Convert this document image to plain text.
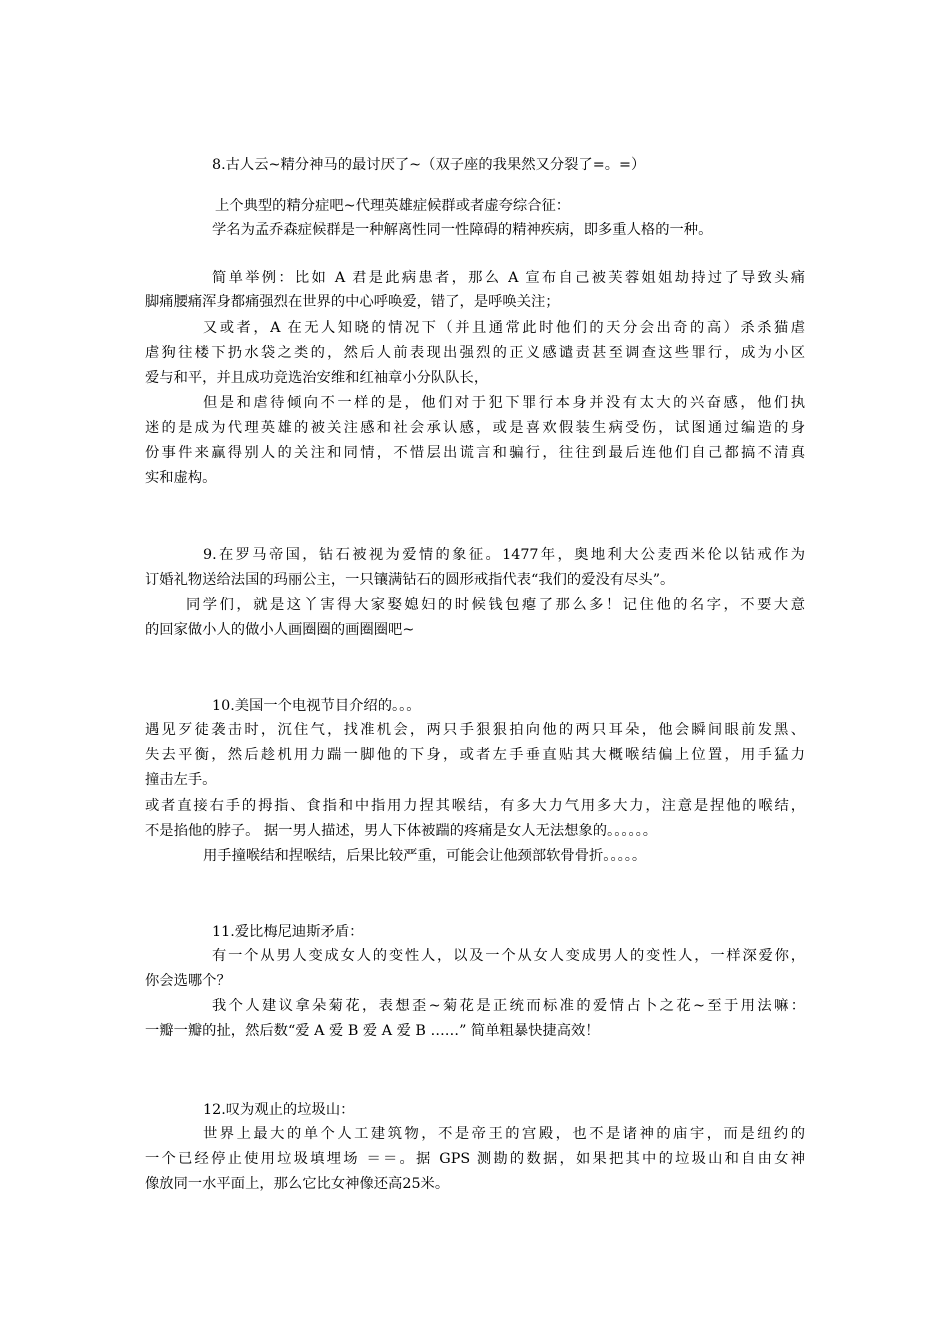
8.古人云~精分神马的最讨厌了~（双子座的我果然又分裂了=。=）
上个典型的精分症吧~代理英雄症候群或者虚夸综合征：
学名为孟乔森症候群是一种解离性同一性障碍的精神疾病，即多重人格的一种。
简单举例：比如 A 君是此病患者，那么 A 宣布自己被芙蓉姐姐劫持过了导致头痛
脚痛腰痛浑身都痛强烈在世界的中心呼唤爱，错了，是呼唤关注；
又或者，A 在无人知晓的情况下（并且通常此时他们的天分会出奇的高）杀杀猫虐
虐狗往楼下扔水袋之类的，然后人前表现出强烈的正义感谴责甚至调查这些罪行，成为小区
爱与和平，并且成功竞选治安维和红袖章小分队队长，
但是和虐待倾向不一样的是，他们对于犯下罪行本身并没有太大的兴奋感，他们执
迷的是成为代理英雄的被关注感和社会承认感，或是喜欢假装生病受伤，试图通过编造的身
份事件来赢得别人的关注和同情，不惜层出谎言和骗行，往往到最后连他们自己都搞不清真
实和虚构。
9.在罗马帝国，钻石被视为爱情的象征。1477年，奥地利大公麦西米伦以钻戒作为
订婚礼物送给法国的玛丽公主，一只镶满钻石的圆形戒指代表“我们的爱没有尽头”。
同学们，就是这丫害得大家娶媳妇的时候钱包瘪了那么多！记住他的名字，不要大意
的回家做小人的做小人画圈圈的画圈圈吧~
10.美国一个电视节目介绍的。。。
遇见歹徒袭击时，沉住气，找准机会，两只手狠狠拍向他的两只耳朵，他会瞬间眼前发黑、
失去平衡，然后趁机用力踹一脚他的下身，或者左手垂直贴其大概喉结偏上位置，用手猛力
撞击左手。
或者直接右手的拇指、食指和中指用力捏其喉结，有多大力气用多大力，注意是捏他的喉结，
不是掐他的脖子。 据一男人描述，男人下体被踹的疼痛是女人无法想象的。。。。。。
用手撞喉结和捏喉结，后果比较严重，可能会让他颈部软骨骨折。。。。。
11.爱比梅尼迪斯矛盾：
有一个从男人变成女人的变性人，以及一个从女人变成男人的变性人，一样深爱你，
你会选哪个？
我个人建议拿朵菊花，表想歪~菊花是正统而标准的爱情占卜之花~至于用法嘛：
一瓣一瓣的扯，然后数“爱 A 爱 B 爱 A 爱 B ……” 简单粗暴快捷高效！
12.叹为观止的垃圾山：
世界上最大的单个人工建筑物，不是帝王的宫殿，也不是诸神的庙宇，而是纽约的
一个已经停止使用垃圾填埋场 ＝＝。据 GPS 测勘的数据，如果把其中的垃圾山和自由女神
像放同一水平面上，那么它比女神像还高25米。
